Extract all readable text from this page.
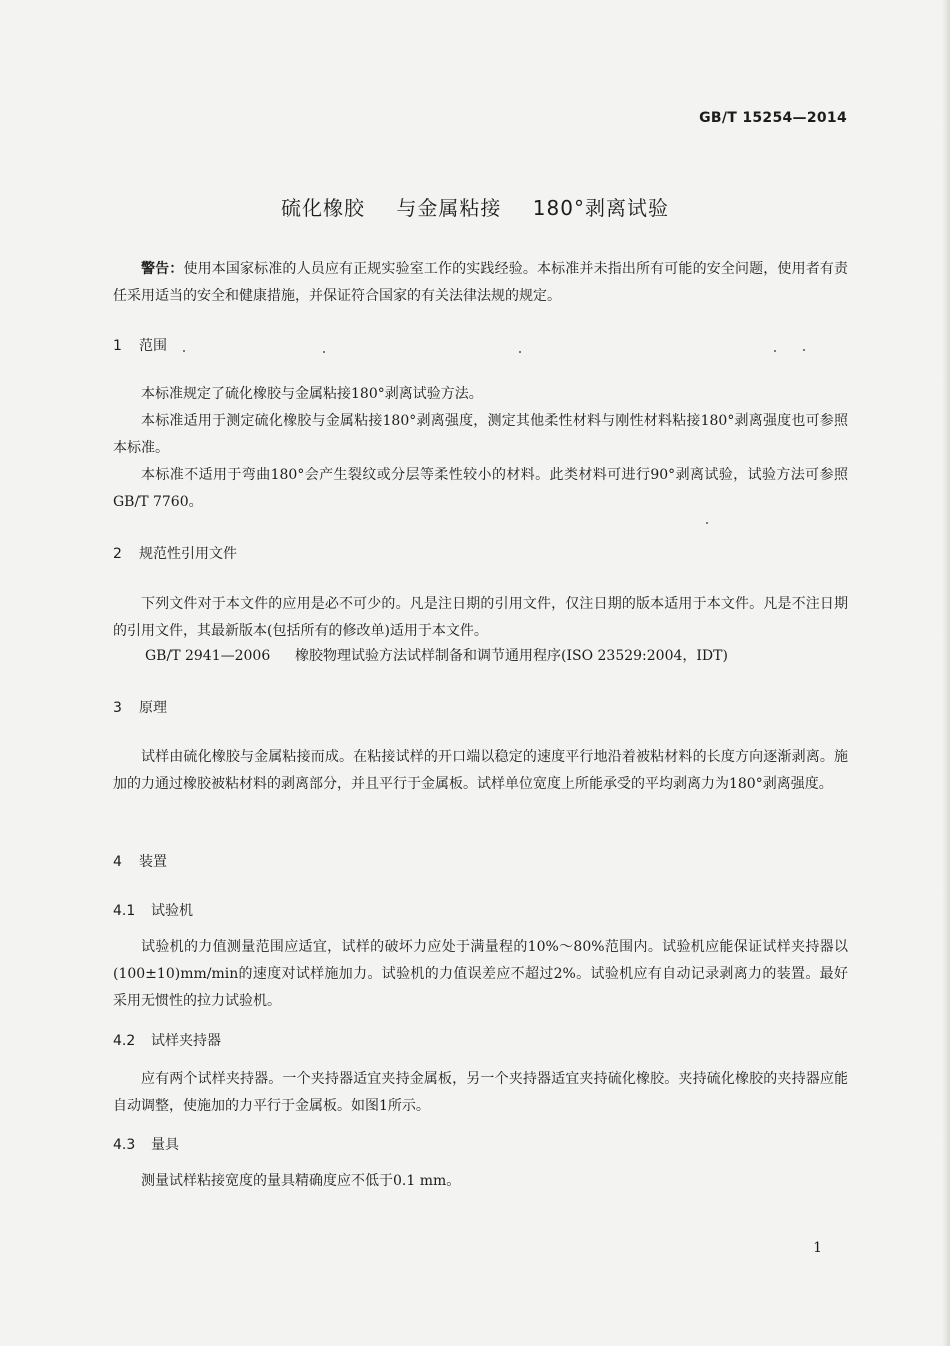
GB/T 15254—2014
硫化橡胶 与金属粘接 180°剥离试验
警告：使用本国家标准的人员应有正规实验室工作的实践经验。本标准并未指出所有可能的安全问题，使用者有责任采用适当的安全和健康措施，并保证符合国家的有关法律法规的规定。
1 范围

本标准规定了硫化橡胶与金属粘接180°剥离试验方法。

本标准适用于测定硫化橡胶与金属粘接180°剥离强度，测定其他柔性材料与刚性材料粘接180°剥离强度也可参照本标准。

本标准不适用于弯曲180°会产生裂纹或分层等柔性较小的材料。此类材料可进行90°剥离试验，试验方法可参照GB/T 7760。

2 规范性引用文件

下列文件对于本文件的应用是必不可少的。凡是注日期的引用文件，仅注日期的版本适用于本文件。凡是不注日期的引用文件，其最新版本(包括所有的修改单)适用于本文件。

GB/T 2941—2006 橡胶物理试验方法试样制备和调节通用程序(ISO 23529:2004，IDT)
3 原理

试样由硫化橡胶与金属粘接而成。在粘接试样的开口端以稳定的速度平行地沿着被粘材料的长度方向逐渐剥离。施加的力通过橡胶被粘材料的剥离部分，并且平行于金属板。试样单位宽度上所能承受的平均剥离力为180°剥离强度。

4 装置
4.1 试验机

试验机的力值测量范围应适宜，试样的破坏力应处于满量程的10%～80%范围内。试验机应能保证试样夹持器以(100±10)mm/min的速度对试样施加力。试验机的力值误差应不超过2%。试验机应有自动记录剥离力的装置。最好采用无惯性的拉力试验机。

4.2 试样夹持器

应有两个试样夹持器。一个夹持器适宜夹持金属板，另一个夹持器适宜夹持硫化橡胶。夹持硫化橡胶的夹持器应能自动调整，使施加的力平行于金属板。如图1所示。

4.3 量具

测量试样粘接宽度的量具精确度应不低于0.1 mm。

1
